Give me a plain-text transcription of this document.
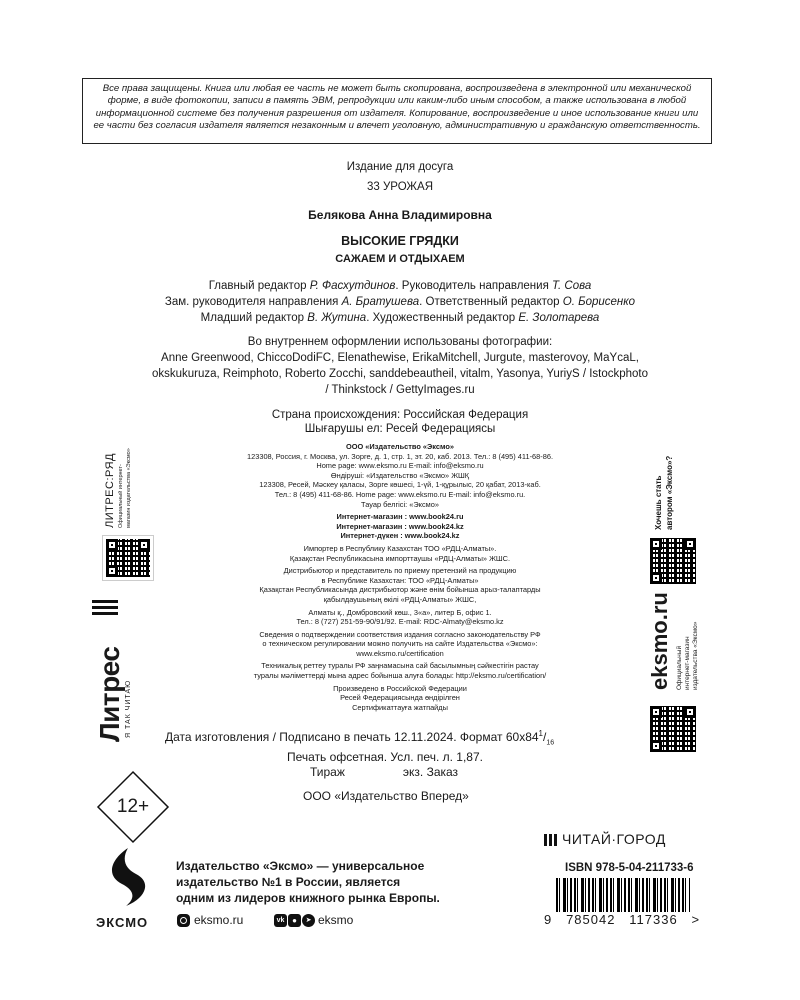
Все права защищены. Книга или любая ее часть не может быть скопирована, воспроизведена в электронной или механической форме, в виде фотокопии, записи в память ЭВМ, репродукции или каким-либо иным способом, а также использована в любой информационной системе без получения разрешения от издателя. Копирование, воспроизведение и иное использование книги или ее части без согласия издателя является незаконным и влечет уголовную, административную и гражданскую ответственность.
Издание для досуга
33 УРОЖАЯ
Белякова Анна Владимировна
ВЫСОКИЕ ГРЯДКИ
САЖАЕМ И ОТДЫХАЕМ
Главный редактор Р. Фасхутдинов. Руководитель направления Т. Сова
Зам. руководителя направления А. Братушева. Ответственный редактор О. Борисенко
Младший редактор В. Жутина. Художественный редактор Е. Золотарева
Во внутреннем оформлении использованы фотографии:
Anne Greenwood, ChiccoDodiFC, Elenathewise, ErikaMitchell, Jurgute, masterovoy, MaYcaL,
okskukuruza, Reimphoto, Roberto Zocchi, sanddebeautheil, vitalm, Yasonya, YuriyS / Istockphoto
/ Thinkstock / GettyImages.ru
Страна происхождения: Российская Федерация
Шығарушы ел: Ресей Федерациясы
ООО «Издательство «Эксмо»
123308, Россия, г. Москва, ул. Зорге, д. 1, стр. 1, эт. 20, каб. 2013. Тел.: 8 (495) 411-68-86.
Home page: www.eksmo.ru E-mail: info@eksmo.ru
Өндіруші: «Издательство «Эксмо» ЖШҚ
123308, Ресей, Мәскеу қаласы, Зорге көшесі, 1-үй, 1-құрылыс, 20 қабат, 2013-каб.
Тел.: 8 (495) 411-68-86. Home page: www.eksmo.ru E-mail: info@eksmo.ru.
Тауар белгісі: «Эксмо»
Интернет-магазин : www.book24.ru
Интернет-магазин : www.book24.kz
Интернет-дүкен : www.book24.kz
Импортер в Республику Казахстан ТОО «РДЦ-Алматы».
Қазақстан Республикасына импорттаушы «РДЦ-Алматы» ЖШС.
Дистрибьютор и представитель по приему претензий на продукцию
в Республике Казахстан: ТОО «РДЦ-Алматы»
Қазақстан Республикасында дистрибьютор және өнім бойынша арыз-талаптарды
қабылдаушының өкілі «РДЦ-Алматы» ЖШС,
Алматы қ., Домбровский көш., 3«а», литер Б, офис 1.
Тел.: 8 (727) 251-59-90/91/92. E-mail: RDC-Almaty@eksmo.kz
Сведения о подтверждении соответствия издания согласно законодательству РФ
о техническом регулировании можно получить на сайте Издательства «Эксмо»:
www.eksmo.ru/certification
Техникалық реттеу туралы РФ заңнамасына сай басылымның сәйкестігін растау
туралы мәліметтерді мына адрес бойынша алуға болады: http://eksmo.ru/certification/
Произведено в Российской Федерации
Ресей Федерациясында өндірілген
Сертификаттауға жатпайды
Дата изготовления / Подписано в печать 12.11.2024. Формат $60x84^1/_{16}$
Печать офсетная. Усл. печ. л. 1,87.
Тираж	экз. Заказ
ООО «Издательство Вперед»
12+
Литрес Я ТАК ЧИТАЮ
ЛИТРЕС:РЯД Официальный интернет- магазин издательства «Эксмо»	Хочешь стать автором «Эксмо»?
eksmo.ru Официальный интернет-магазин издательства «Эксмо»
ЧИТАЙ·ГОРОД
ISBN 978-5-04-211733-6
9   785042   117336   >
ЭКСМО
Издательство «Эксмо» — универсальное
издательство №1 в России, является
одним из лидеров книжного рынка Европы.
eksmo.ru	vk ●	➤ eksmo
